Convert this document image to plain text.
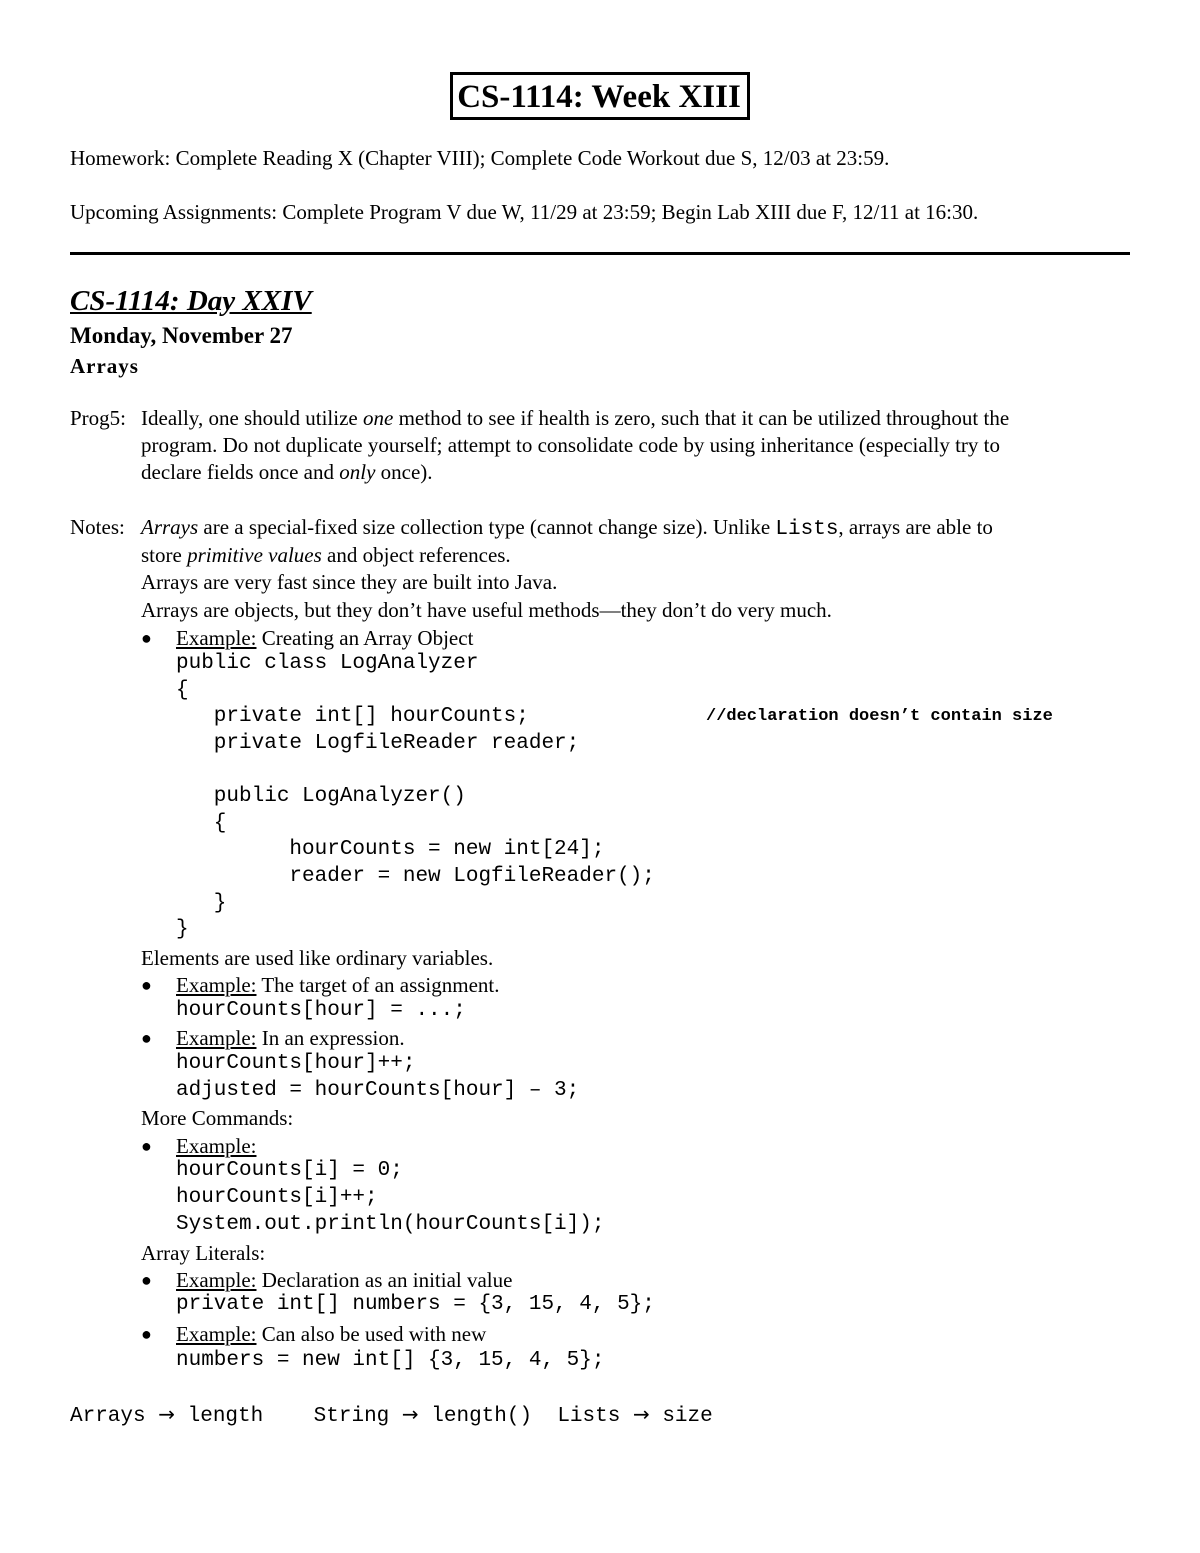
CS-1114: Week XIII
Homework: Complete Reading X (Chapter VIII); Complete Code Workout due S, 12/03 at 23:59.
Upcoming Assignments: Complete Program V due W, 11/29 at 23:59; Begin Lab XIII due F, 12/11 at 16:30.
CS-1114: Day XXIV
Monday, November 27
Arrays
Prog5: Ideally, one should utilize one method to see if health is zero, such that it can be utilized throughout the
program. Do not duplicate yourself; attempt to consolidate code by using inheritance (especially try to
declare fields once and only once).
Notes: Arrays are a special-fixed size collection type (cannot change size). Unlike Lists, arrays are able to
store primitive values and object references.
Arrays are very fast since they are built into Java.
Arrays are objects, but they don’t have useful methods—they don’t do very much.
● Example: Creating an Array Object
public class LogAnalyzer
{
private int[] hourCounts;	//declaration doesn’t contain size
private LogfileReader reader;
public LogAnalyzer()
{
hourCounts = new int[24];
reader = new LogfileReader();
}
}
Elements are used like ordinary variables.
● Example: The target of an assignment.
hourCounts[hour] = ...;
● Example: In an expression.
hourCounts[hour]++;
adjusted = hourCounts[hour] – 3;
More Commands:
● Example:
hourCounts[i] = 0;
hourCounts[i]++;
System.out.println(hourCounts[i]);
Array Literals:
● Example: Declaration as an initial value
private int[] numbers = {3, 15, 4, 5};
● Example: Can also be used with new
numbers = new int[] {3, 15, 4, 5};
Arrays → length String → length() Lists → size
